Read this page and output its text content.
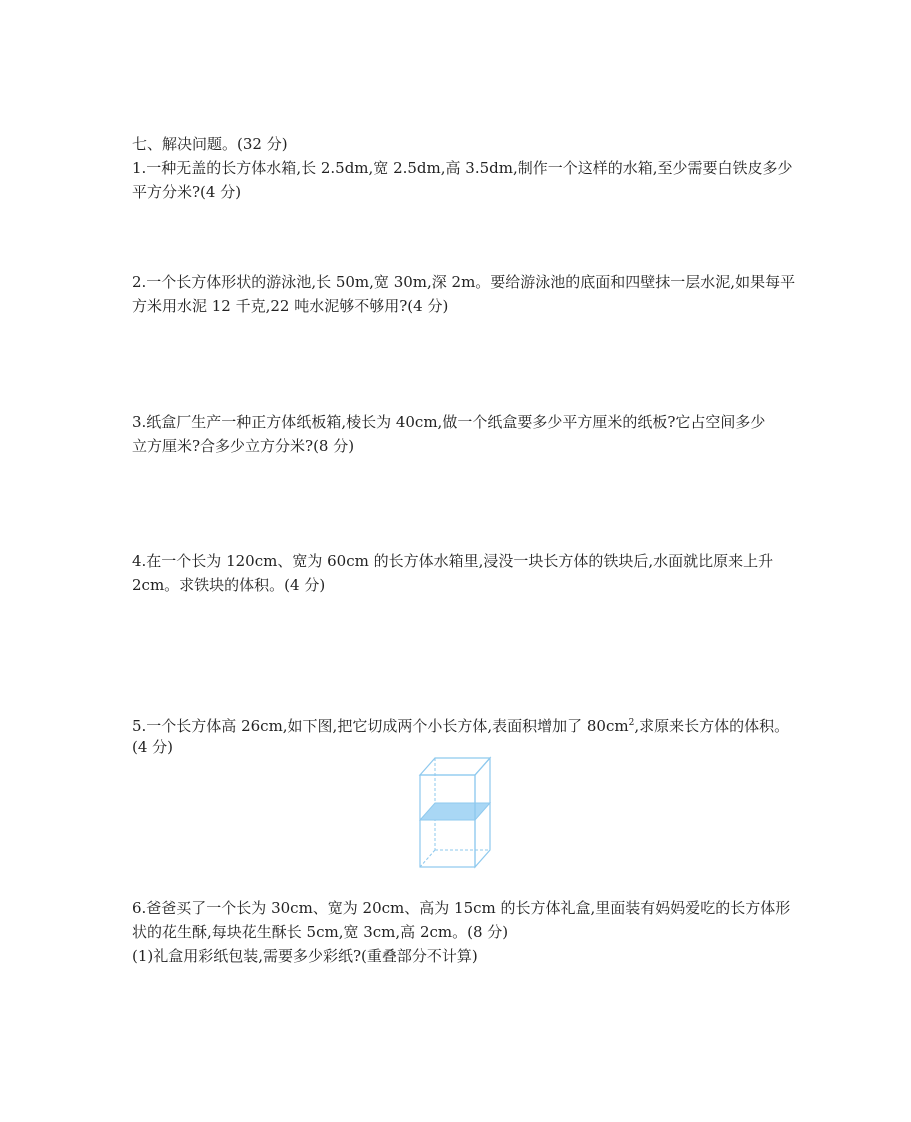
七、解决问题。(32 分)
1.一种无盖的长方体水箱,长 2.5dm,宽 2.5dm,高 3.5dm,制作一个这样的水箱,至少需要白铁皮多少
平方分米?(4 分)
2.一个长方体形状的游泳池,长 50m,宽 30m,深 2m。要给游泳池的底面和四壁抹一层水泥,如果每平
方米用水泥 12 千克,22 吨水泥够不够用?(4 分)
3.纸盒厂生产一种正方体纸板箱,棱长为 40cm,做一个纸盒要多少平方厘米的纸板?它占空间多少
立方厘米?合多少立方分米?(8 分)
4.在一个长为 120cm、宽为 60cm 的长方体水箱里,浸没一块长方体的铁块后,水面就比原来上升
2cm。求铁块的体积。(4 分)
5.一个长方体高 26cm,如下图,把它切成两个小长方体,表面积增加了 $80cm^2$,求原来长方体的体积。
(4 分)
6.爸爸买了一个长为 30cm、宽为 20cm、高为 15cm 的长方体礼盒,里面装有妈妈爱吃的长方体形
状的花生酥,每块花生酥长 5cm,宽 3cm,高 2cm。(8 分)
(1)礼盒用彩纸包装,需要多少彩纸?(重叠部分不计算)
